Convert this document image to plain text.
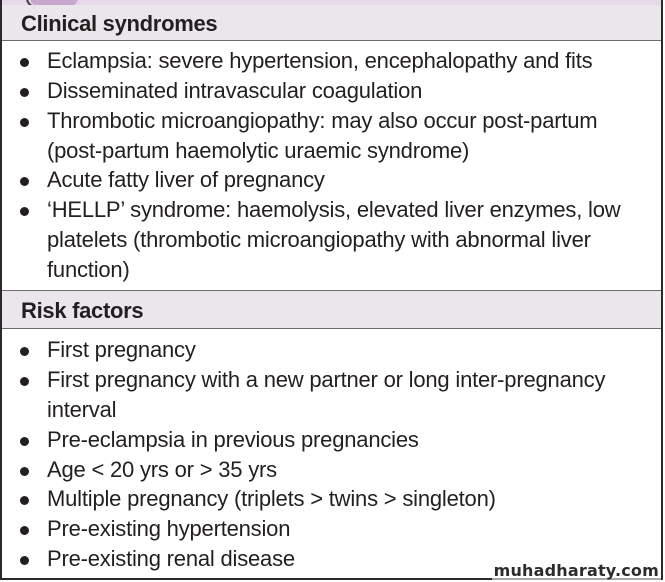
Clinical syndromes
Eclampsia: severe hypertension, encephalopathy and fits
Disseminated intravascular coagulation
Thrombotic microangiopathy: may also occur post-partum
(post-partum haemolytic uraemic syndrome)
Acute fatty liver of pregnancy
‘HELLP’ syndrome: haemolysis, elevated liver enzymes, low
platelets (thrombotic microangiopathy with abnormal liver
function)
Risk factors
First pregnancy
First pregnancy with a new partner or long inter-pregnancy
interval
Pre-eclampsia in previous pregnancies
Age < 20 yrs or > 35 yrs
Multiple pregnancy (triplets > twins > singleton)
Pre-existing hypertension
Pre-existing renal disease	muhadharaty.com
